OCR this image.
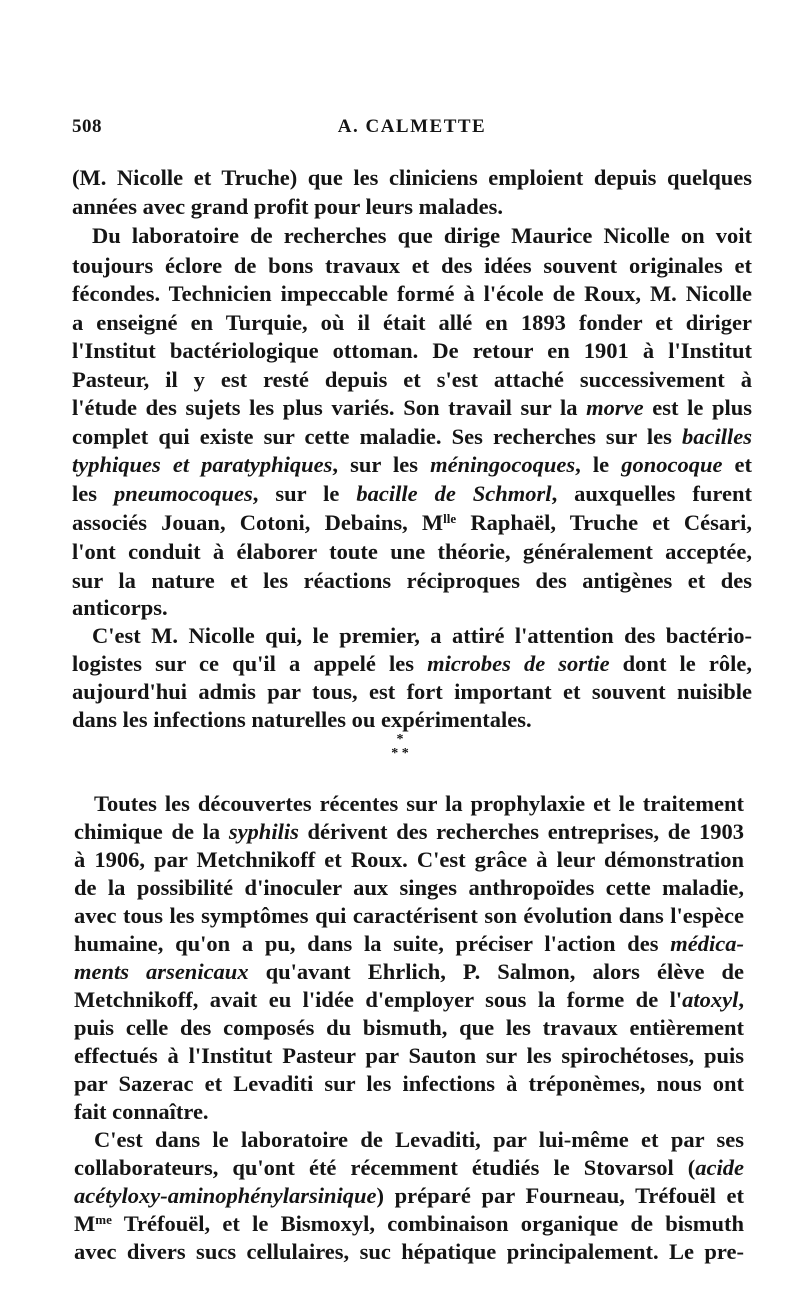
508	A. CALMETTE
(M. Nicolle et Truche) que les cliniciens emploient depuis quelques
années avec grand profit pour leurs malades.
Du laboratoire de recherches que dirige Maurice Nicolle on voit
toujours éclore de bons travaux et des idées souvent originales et
fécondes. Technicien impeccable formé à l'école de Roux, M. Nicolle
a enseigné en Turquie, où il était allé en 1893 fonder et diriger
l'Institut bactériologique ottoman. De retour en 1901 à l'Institut
Pasteur, il y est resté depuis et s'est attaché successivement à
l'étude des sujets les plus variés. Son travail sur la morve est le plus
complet qui existe sur cette maladie. Ses recherches sur les bacilles
typhiques et paratyphiques, sur les méningocoques, le gonocoque et
les pneumocoques, sur le bacille de Schmorl, auxquelles furent
associés Jouan, Cotoni, Debains, $M^{lle}$ Raphaël, Truche et Césari,
l'ont conduit à élaborer toute une théorie, généralement acceptée,
sur la nature et les réactions réciproques des antigènes et des
anticorps.
C'est M. Nicolle qui, le premier, a attiré l'attention des bactério-
logistes sur ce qu'il a appelé les microbes de sortie dont le rôle,
aujourd'hui admis par tous, est fort important et souvent nuisible
dans les infections naturelles ou expérimentales.
*
* *
Toutes les découvertes récentes sur la prophylaxie et le traitement
chimique de la syphilis dérivent des recherches entreprises, de 1903
à 1906, par Metchnikoff et Roux. C'est grâce à leur démonstration
de la possibilité d'inoculer aux singes anthropoïdes cette maladie,
avec tous les symptômes qui caractérisent son évolution dans l'espèce
humaine, qu'on a pu, dans la suite, préciser l'action des médica-
ments arsenicaux qu'avant Ehrlich, P. Salmon, alors élève de
Metchnikoff, avait eu l'idée d'employer sous la forme de l'atoxyl,
puis celle des composés du bismuth, que les travaux entièrement
effectués à l'Institut Pasteur par Sauton sur les spirochétoses, puis
par Sazerac et Levaditi sur les infections à tréponèmes, nous ont
fait connaître.
C'est dans le laboratoire de Levaditi, par lui-même et par ses
collaborateurs, qu'ont été récemment étudiés le Stovarsol (acide
acétyloxy-aminophénylarsinique) préparé par Fourneau, Tréfouël et
$M^{me}$ Tréfouël, et le Bismoxyl, combinaison organique de bismuth
avec divers sucs cellulaires, suc hépatique principalement. Le pre-
